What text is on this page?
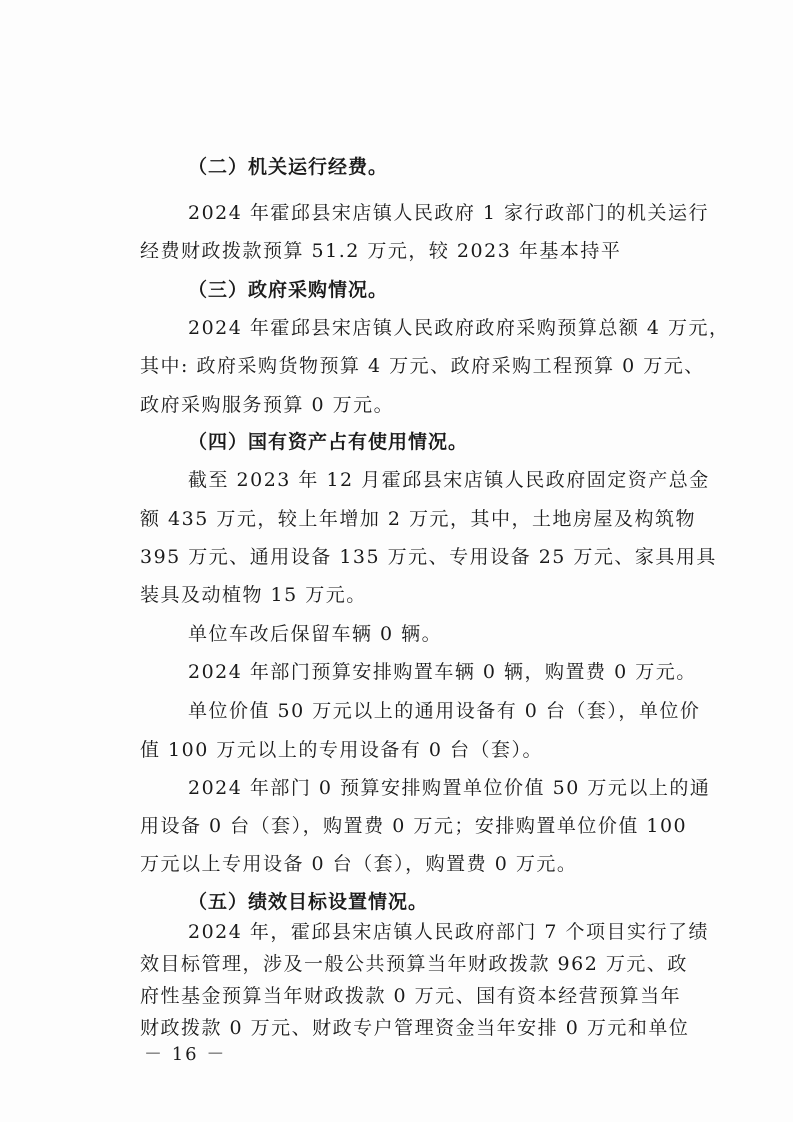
（二）机关运行经费。
2024 年霍邱县宋店镇人民政府 1 家行政部门的机关运行
经费财政拨款预算 51.2 万元，较 2023 年基本持平
（三）政府采购情况。
2024 年霍邱县宋店镇人民政府政府采购预算总额 4 万元，
其中: 政府采购货物预算 4 万元、政府采购工程预算 0 万元、
政府采购服务预算 0 万元。
（四）国有资产占有使用情况。
截至 2023 年 12 月霍邱县宋店镇人民政府固定资产总金
额 435 万元，较上年增加 2 万元，其中，土地房屋及构筑物
395 万元、通用设备 135 万元、专用设备 25 万元、家具用具
装具及动植物 15 万元。
单位车改后保留车辆 0 辆。
2024 年部门预算安排购置车辆 0 辆，购置费 0 万元。
单位价值 50 万元以上的通用设备有 0 台（套），单位价
值 100 万元以上的专用设备有 0 台（套）。
2024 年部门 0 预算安排购置单位价值 50 万元以上的通
用设备 0 台（套），购置费 0 万元；安排购置单位价值 100
万元以上专用设备 0 台（套），购置费 0 万元。
（五）绩效目标设置情况。
2024 年，霍邱县宋店镇人民政府部门 7 个项目实行了绩
效目标管理，涉及一般公共预算当年财政拨款 962 万元、政
府性基金预算当年财政拨款 0 万元、国有资本经营预算当年
－ 16 －
财政拨款 0 万元、财政专户管理资金当年安排 0 万元和单位
